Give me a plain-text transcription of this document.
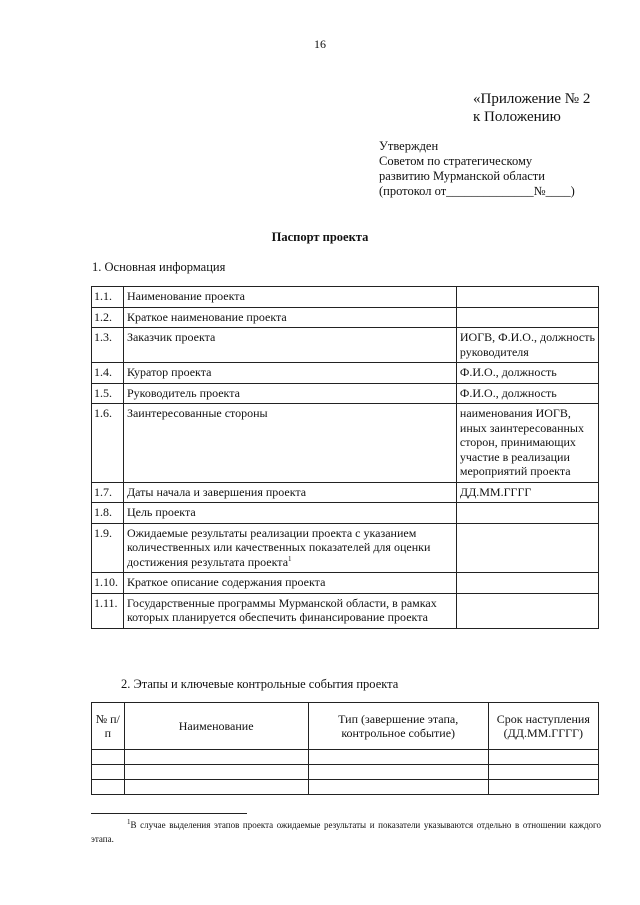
16
«Приложение № 2
к Положению
Утвержден
Советом по стратегическому
развитию Мурманской области
(протокол от______________№____)
Паспорт проекта
1. Основная информация
1.1.	Наименование проекта	
1.2.	Краткое наименование проекта	
1.3.	Заказчик проекта	ИОГВ, Ф.И.О., должность руководителя
1.4.	Куратор проекта	Ф.И.О., должность
1.5.	Руководитель проекта	Ф.И.О., должность
1.6.	Заинтересованные стороны	наименования ИОГВ, иных заинтересованных сторон, принимающих участие в реализации мероприятий проекта
1.7.	Даты начала и завершения проекта	ДД.ММ.ГГГГ
1.8.	Цель проекта	
1.9.	Ожидаемые результаты реализации проекта с указанием количественных или качественных показателей для оценки достижения результата проекта$^1$	
1.10.	Краткое описание содержания проекта	
1.11.	Государственные программы Мурманской области, в рамках которых планируется обеспечить финансирование проекта	
2. Этапы и ключевые контрольные события проекта
№ п/п	Наименование	Тип (завершение этапа, контрольное событие)	Срок наступления (ДД.ММ.ГГГГ)

$^1$В случае выделения этапов проекта ожидаемые результаты и показатели указываются отдельно в отношении каждого этапа.
